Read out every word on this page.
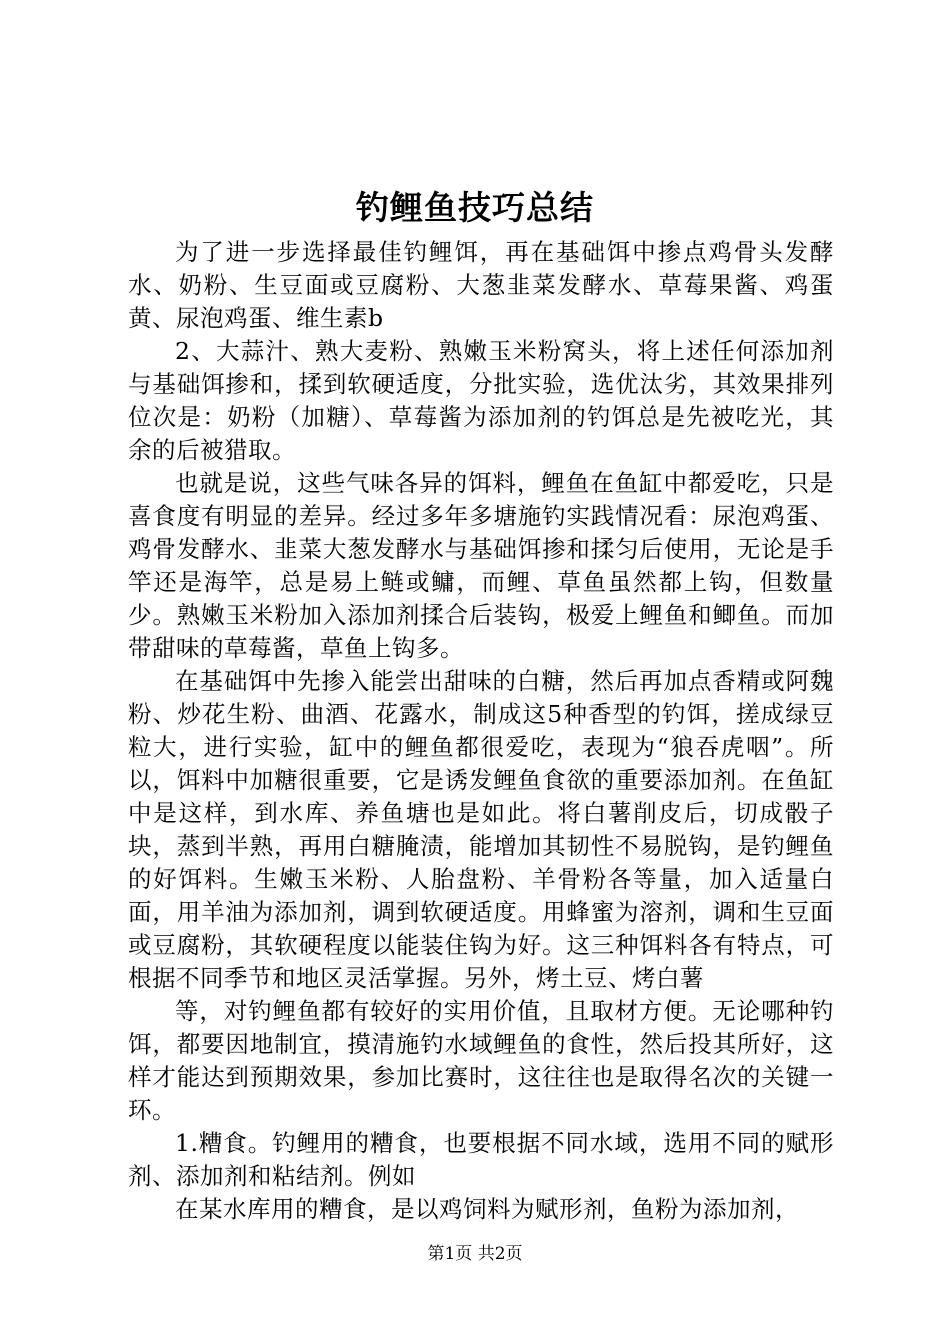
钓鲤鱼技巧总结

为了进一步选择最佳钓鲤饵，再在基础饵中掺点鸡骨头发酵水、奶粉、生豆面或豆腐粉、大葱韭菜发酵水、草莓果酱、鸡蛋黄、尿泡鸡蛋、维生素b

2、大蒜汁、熟大麦粉、熟嫩玉米粉窝头，将上述任何添加剂与基础饵掺和，揉到软硬适度，分批实验，选优汰劣，其效果排列位次是：奶粉（加糖）、草莓酱为添加剂的钓饵总是先被吃光，其余的后被猎取。

也就是说，这些气味各异的饵料，鲤鱼在鱼缸中都爱吃，只是喜食度有明显的差异。经过多年多塘施钓实践情况看：尿泡鸡蛋、鸡骨发酵水、韭菜大葱发酵水与基础饵掺和揉匀后使用，无论是手竿还是海竿，总是易上鲢或鳙，而鲤、草鱼虽然都上钩，但数量少。熟嫩玉米粉加入添加剂揉合后装钩，极爱上鲤鱼和鲫鱼。而加带甜味的草莓酱，草鱼上钩多。

在基础饵中先掺入能尝出甜味的白糖，然后再加点香精或阿魏粉、炒花生粉、曲酒、花露水，制成这5种香型的钓饵，搓成绿豆粒大，进行实验，缸中的鲤鱼都很爱吃，表现为“狼吞虎咽”。所以，饵料中加糖很重要，它是诱发鲤鱼食欲的重要添加剂。在鱼缸中是这样，到水库、养鱼塘也是如此。将白薯削皮后，切成骰子块，蒸到半熟，再用白糖腌渍，能增加其韧性不易脱钩，是钓鲤鱼的好饵料。生嫩玉米粉、人胎盘粉、羊骨粉各等量，加入适量白面，用羊油为添加剂，调到软硬适度。用蜂蜜为溶剂，调和生豆面或豆腐粉，其软硬程度以能装住钩为好。这三种饵料各有特点，可根据不同季节和地区灵活掌握。另外，烤土豆、烤白薯

等，对钓鲤鱼都有较好的实用价值，且取材方便。无论哪种钓饵，都要因地制宜，摸清施钓水域鲤鱼的食性，然后投其所好，这样才能达到预期效果，参加比赛时，这往往也是取得名次的关键一环。

1.糟食。钓鲤用的糟食，也要根据不同水域，选用不同的赋形剂、添加剂和粘结剂。例如

在某水库用的糟食，是以鸡饲料为赋形剂，鱼粉为添加剂，

第1页 共2页
